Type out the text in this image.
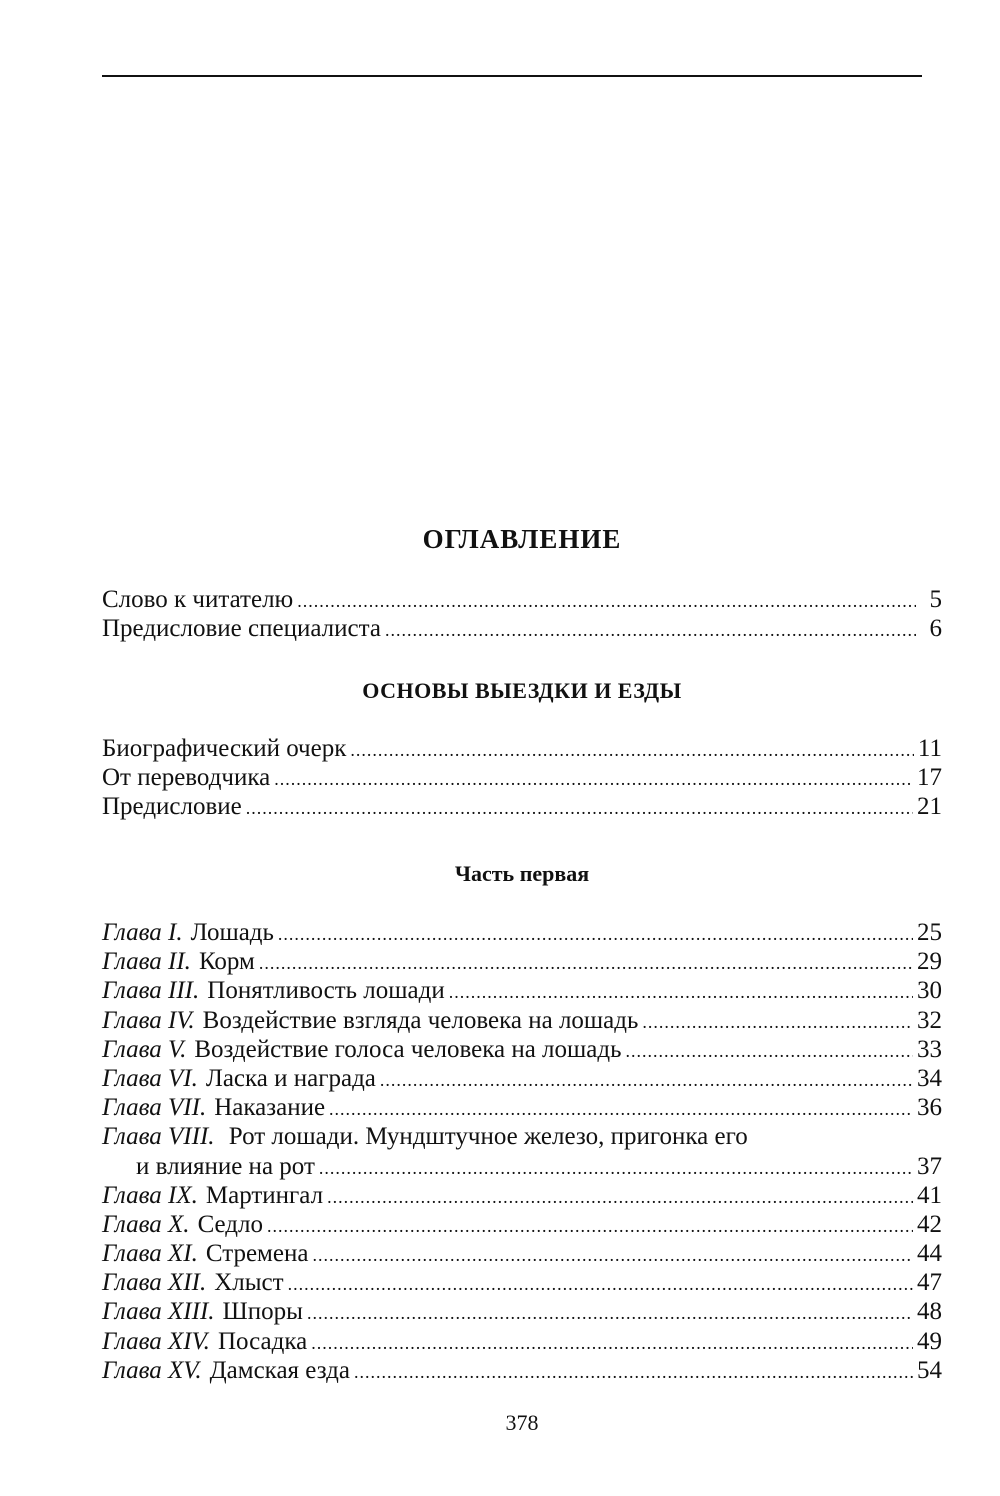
ОГЛАВЛЕНИЕ
Слово к читателю .....	5
Предисловие специалиста .....	6
ОСНОВЫ ВЫЕЗДКИ И ЕЗДЫ
Биографический очерк .....	11
От переводчика .....	17
Предисловие .....	21
Часть первая
Глава I. Лошадь .....	25
Глава II. Корм .....	29
Глава III. Понятливость лошади .....	30
Глава IV. Воздействие взгляда человека на лошадь .....	32
Глава V. Воздействие голоса человека на лошадь .....	33
Глава VI. Ласка и награда .....	34
Глава VII. Наказание .....	36
Глава VIII. Рот лошади. Мундштучное железо, пригонка его
и влияние на рот .....	37
Глава IX. Мартингал .....	41
Глава X. Седло .....	42
Глава XI. Стремена .....	44
Глава XII. Хлыст .....	47
Глава XIII. Шпоры .....	48
Глава XIV. Посадка .....	49
Глава XV. Дамская езда .....	54
378
